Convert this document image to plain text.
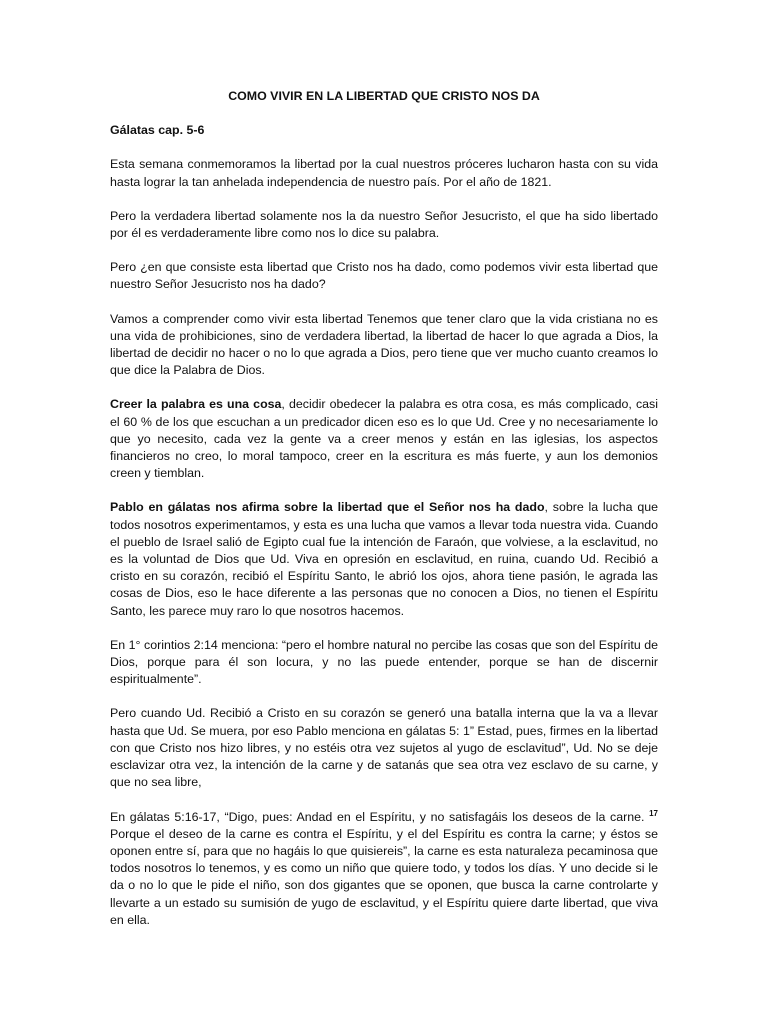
COMO VIVIR EN LA LIBERTAD QUE CRISTO NOS DA
Gálatas cap. 5-6

Esta semana conmemoramos la libertad por la cual nuestros próceres lucharon hasta con su vida hasta lograr la tan anhelada independencia de nuestro país. Por el año de 1821.

Pero la verdadera libertad solamente nos la da nuestro Señor Jesucristo, el que ha sido libertado por él es verdaderamente libre como nos lo dice su palabra.

Pero ¿en que consiste esta libertad que Cristo nos ha dado, como podemos vivir esta libertad que nuestro Señor Jesucristo nos ha dado?

Vamos a comprender como vivir esta libertad Tenemos que tener claro que la vida cristiana no es una vida de prohibiciones, sino de verdadera libertad, la libertad de hacer lo que agrada a Dios, la libertad de decidir no hacer o no lo que agrada a Dios, pero tiene que ver mucho cuanto creamos lo que dice la Palabra de Dios.

Creer la palabra es una cosa, decidir obedecer la palabra es otra cosa, es más complicado, casi el 60 % de los que escuchan a un predicador dicen eso es lo que Ud. Cree y no necesariamente lo que yo necesito, cada vez la gente va a creer menos y están en las iglesias, los aspectos financieros no creo, lo moral tampoco, creer en la escritura es más fuerte, y aun los demonios creen y tiemblan.

Pablo en gálatas nos afirma sobre la libertad que el Señor nos ha dado, sobre la lucha que todos nosotros experimentamos, y esta es una lucha que vamos a llevar toda nuestra vida. Cuando el pueblo de Israel salió de Egipto cual fue la intención de Faraón, que volviese, a la esclavitud, no es la voluntad de Dios que Ud. Viva en opresión en esclavitud, en ruina, cuando Ud. Recibió a cristo en su corazón, recibió el Espíritu Santo, le abrió los ojos, ahora tiene pasión, le agrada las cosas de Dios, eso le hace diferente a las personas que no conocen a Dios, no tienen el Espíritu Santo, les parece muy raro lo que nosotros hacemos.

En 1° corintios 2:14 menciona: “pero el hombre natural no percibe las cosas que son del Espíritu de Dios, porque para él son locura, y no las puede entender, porque se han de discernir espiritualmente”.

Pero cuando Ud. Recibió a Cristo en su corazón se generó una batalla interna que la va a llevar hasta que Ud. Se muera, por eso Pablo menciona en gálatas 5: 1” Estad, pues, firmes en la libertad con que Cristo nos hizo libres, y no estéis otra vez sujetos al yugo de esclavitud”, Ud. No se deje esclavizar otra vez, la intención de la carne y de satanás que sea otra vez esclavo de su carne, y que no sea libre,

En gálatas 5:16-17, “Digo, pues: Andad en el Espíritu, y no satisfagáis los deseos de la carne. $^{17}$ Porque el deseo de la carne es contra el Espíritu, y el del Espíritu es contra la carne; y éstos se oponen entre sí, para que no hagáis lo que quisiereis”, la carne es esta naturaleza pecaminosa que todos nosotros lo tenemos, y es como un niño que quiere todo, y todos los días. Y uno decide si le da o no lo que le pide el niño, son dos gigantes que se oponen, que busca la carne controlarte y llevarte a un estado su sumisión de yugo de esclavitud, y el Espíritu quiere darte libertad, que viva en ella.
